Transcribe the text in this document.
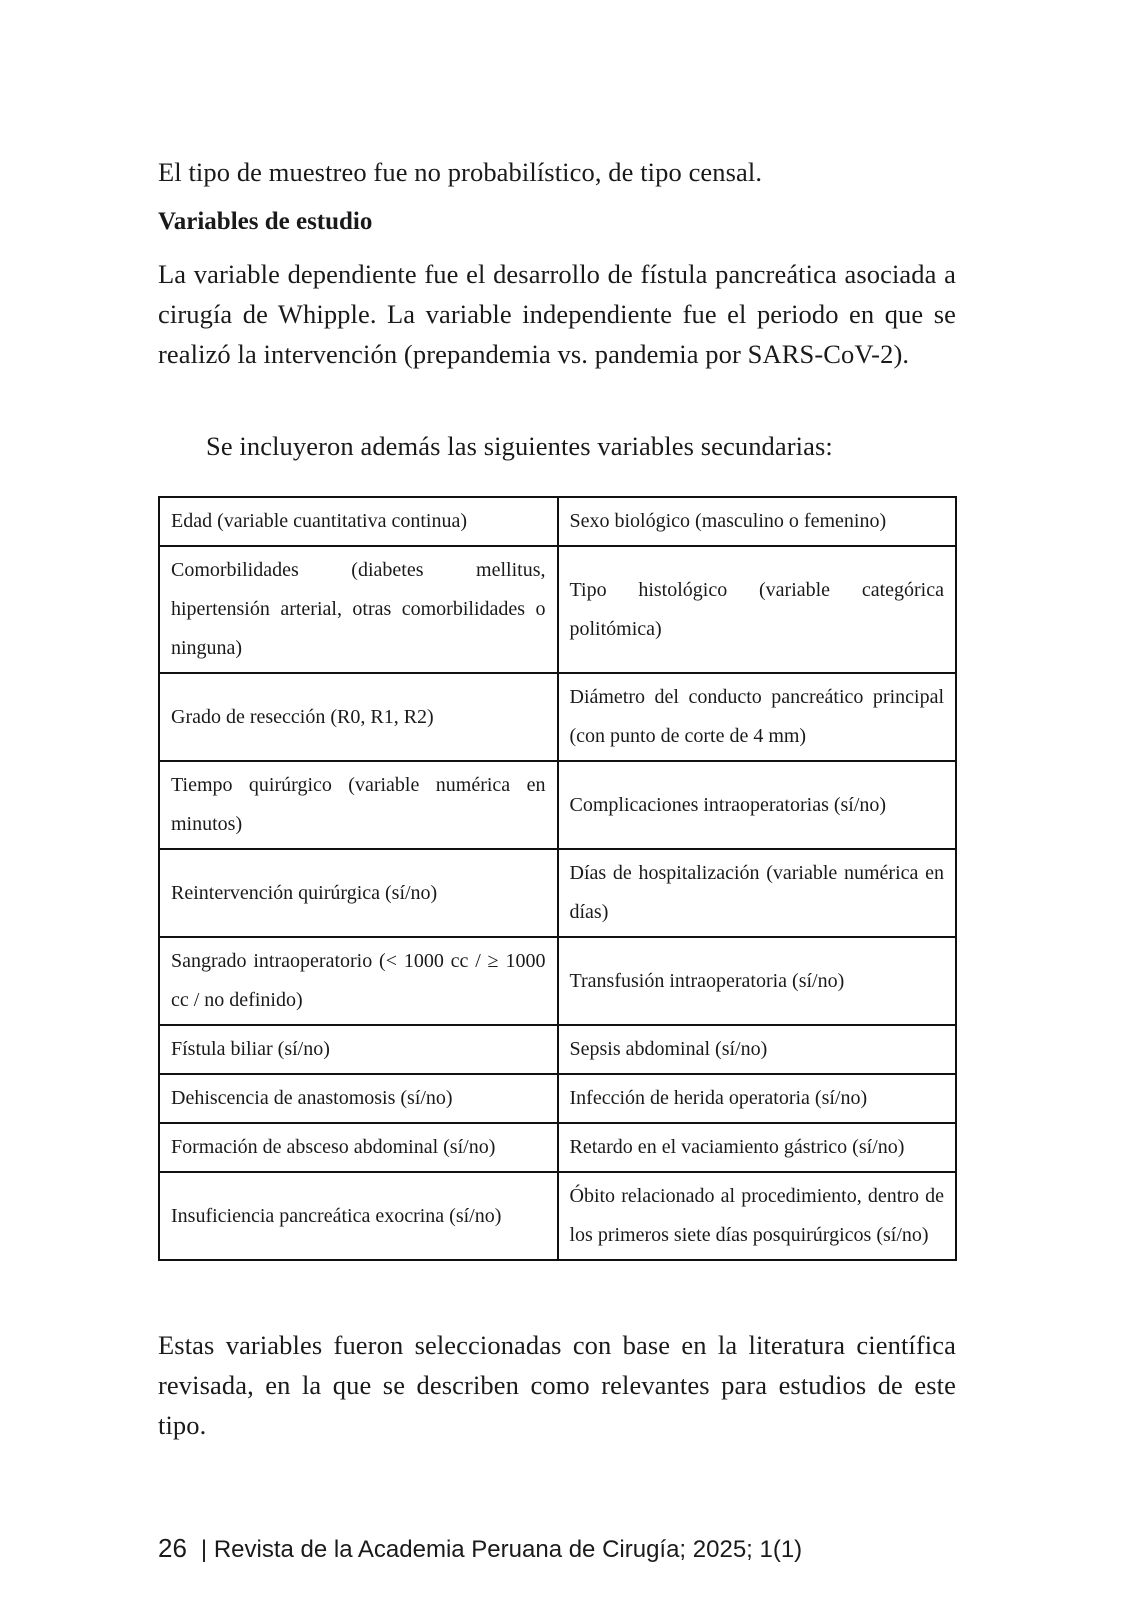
El tipo de muestreo fue no probabilístico, de tipo censal.

Variables de estudio

La variable dependiente fue el desarrollo de fístula pancreática asociada a cirugía de Whipple. La variable independiente fue el periodo en que se realizó la intervención (prepandemia vs. pandemia por SARS-CoV-2).

Se incluyeron además las siguientes variables secundarias:

Edad (variable cuantitativa continua)	Sexo biológico (masculino o femenino)
Comorbilidades (diabetes mellitus, hipertensión arterial, otras comorbilidades o ninguna)	Tipo histológico (variable categórica politómica)
Grado de resección (R0, R1, R2)	Diámetro del conducto pancreático principal (con punto de corte de 4 mm)
Tiempo quirúrgico (variable numérica en minutos)	Complicaciones intraoperatorias (sí/no)
Reintervención quirúrgica (sí/no)	Días de hospitalización (variable numérica en días)
Sangrado intraoperatorio (< 1000 cc / ≥ 1000 cc / no definido)	Transfusión intraoperatoria (sí/no)
Fístula biliar (sí/no)	Sepsis abdominal (sí/no)
Dehiscencia de anastomosis (sí/no)	Infección de herida operatoria (sí/no)
Formación de absceso abdominal (sí/no)	Retardo en el vaciamiento gástrico (sí/no)
Insuficiencia pancreática exocrina (sí/no)	Óbito relacionado al procedimiento, dentro de los primeros siete días posquirúrgicos (sí/no)

Estas variables fueron seleccionadas con base en la literatura científica revisada, en la que se describen como relevantes para estudios de este tipo.

26 | Revista de la Academia Peruana de Cirugía; 2025; 1(1)
